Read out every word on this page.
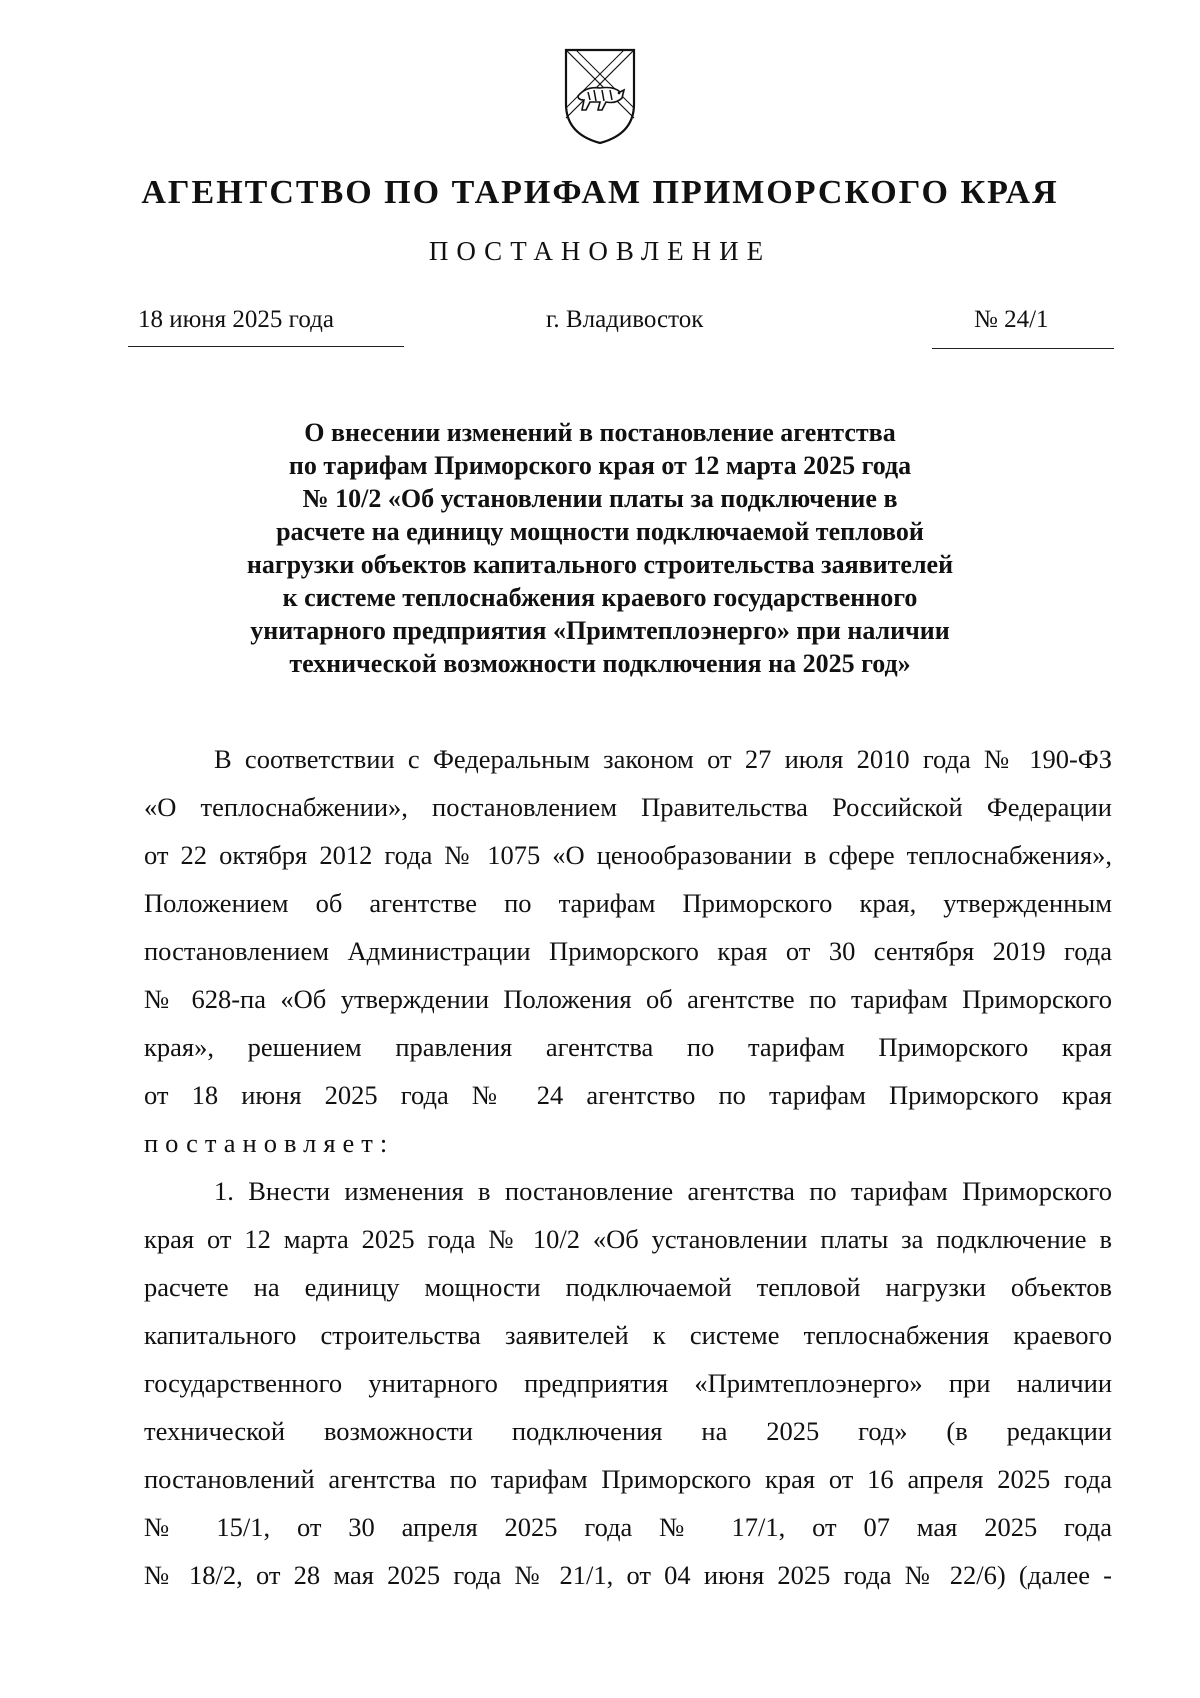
АГЕНТСТВО ПО ТАРИФАМ ПРИМОРСКОГО КРАЯ
ПОСТАНОВЛЕНИЕ
18 июня 2025 года	г. Владивосток	№ 24/1
О внесении изменений в постановление агентства
по тарифам Приморского края от 12 марта 2025 года
№ 10/2 «Об установлении платы за подключение в
расчете на единицу мощности подключаемой тепловой
нагрузки объектов капитального строительства заявителей
к системе теплоснабжения краевого государственного
унитарного предприятия «Примтеплоэнерго» при наличии
технической возможности подключения на 2025 год»
В соответствии с Федеральным законом от 27 июля 2010 года № 190-ФЗ
«О теплоснабжении», постановлением Правительства Российской Федерации
от 22 октября 2012 года № 1075 «О ценообразовании в сфере теплоснабжения»,
Положением об агентстве по тарифам Приморского края, утвержденным
постановлением Администрации Приморского края от 30 сентября 2019 года
№ 628-па «Об утверждении Положения об агентстве по тарифам Приморского
края», решением правления агентства по тарифам Приморского края
от 18 июня 2025 года № 24 агентство по тарифам Приморского края
постановляет:
1. Внести изменения в постановление агентства по тарифам Приморского
края от 12 марта 2025 года № 10/2 «Об установлении платы за подключение в
расчете на единицу мощности подключаемой тепловой нагрузки объектов
капитального строительства заявителей к системе теплоснабжения краевого
государственного унитарного предприятия «Примтеплоэнерго» при наличии
технической возможности подключения на 2025 год» (в редакции
постановлений агентства по тарифам Приморского края от 16 апреля 2025 года
№ 15/1, от 30 апреля 2025 года № 17/1, от 07 мая 2025 года
№ 18/2, от 28 мая 2025 года № 21/1, от 04 июня 2025 года № 22/6) (далее -
